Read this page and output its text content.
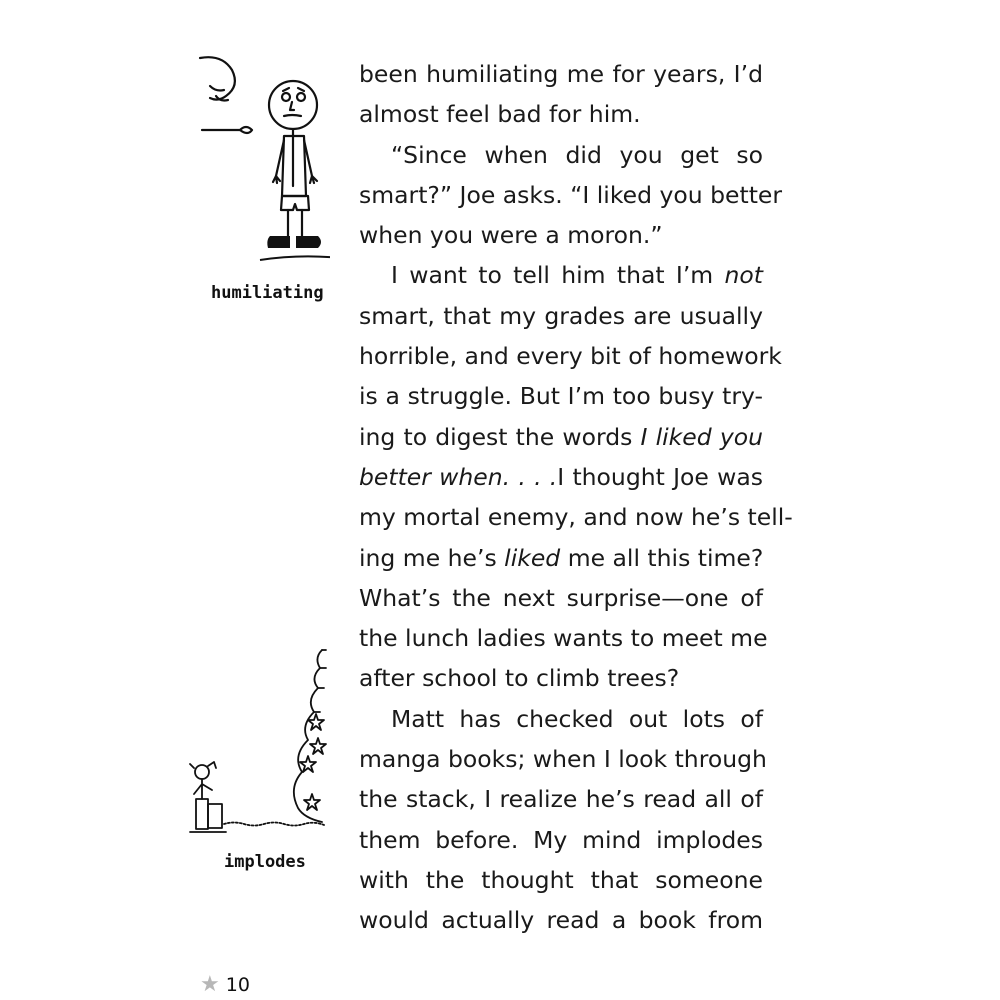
humiliating
implodes
been humiliating me for years, I’d
almost feel bad for him.
“Since when did you get so
smart?” Joe asks. “I liked you better
when you were a moron.”
I want to tell him that I’m not
smart, that my grades are usually
horrible, and every bit of homework
is a struggle. But I’m too busy try-
ing to digest the words I liked you
better when. . . .I thought Joe was
my mortal enemy, and now he’s tell-
ing me he’s liked me all this time?
What’s the next surprise—one of
the lunch ladies wants to meet me
after school to climb trees?
Matt has checked out lots of
manga books; when I look through
the stack, I realize he’s read all of
them before. My mind implodes
with the thought that someone
would actually read a book from
★ 10
